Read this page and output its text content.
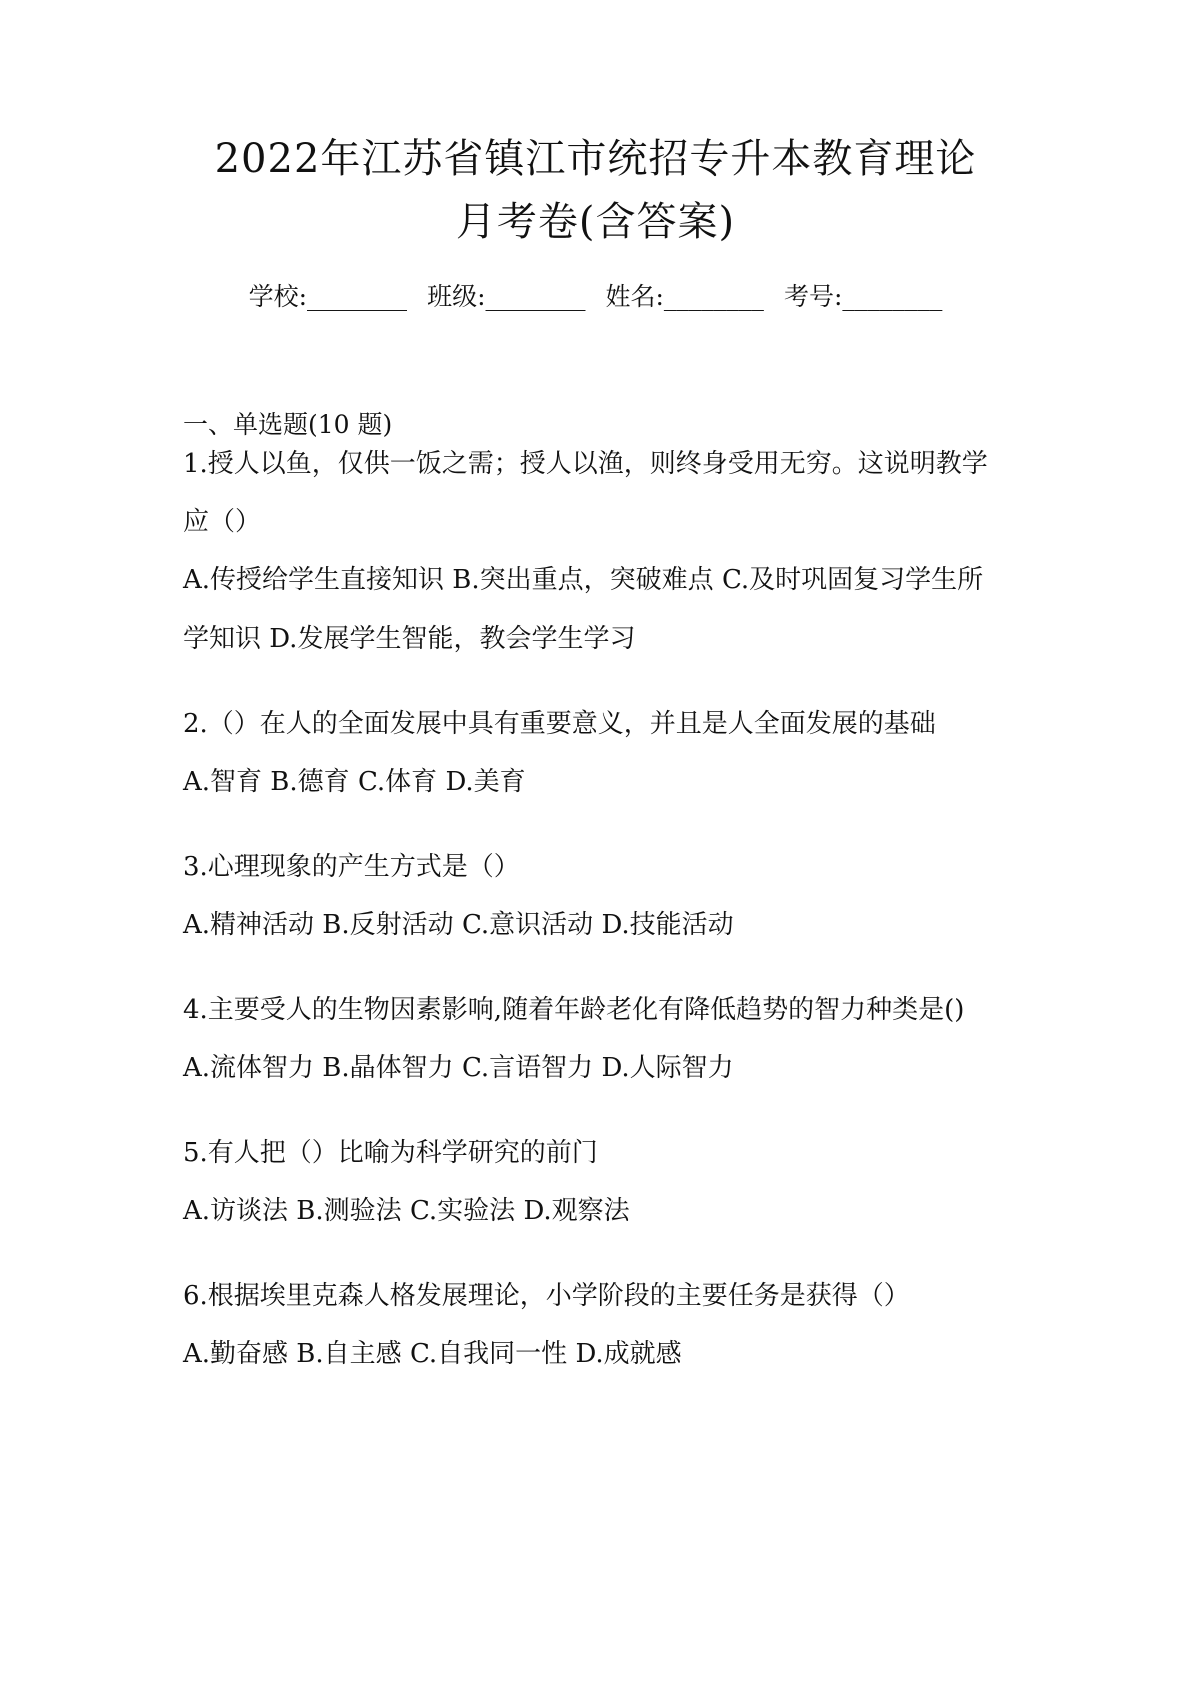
2022年江苏省镇江市统招专升本教育理论
月考卷(含答案)
学校:________ 班级:________ 姓名:________ 考号:________
一、单选题(10 题)
1.授人以鱼，仅供一饭之需；授人以渔，则终身受用无穷。这说明教学
应（）
A.传授给学生直接知识 B.突出重点，突破难点 C.及时巩固复习学生所
学知识 D.发展学生智能，教会学生学习
2.（）在人的全面发展中具有重要意义，并且是人全面发展的基础
A.智育 B.德育 C.体育 D.美育
3.心理现象的产生方式是（）
A.精神活动 B.反射活动 C.意识活动 D.技能活动
4.主要受人的生物因素影响,随着年龄老化有降低趋势的智力种类是()
A.流体智力 B.晶体智力 C.言语智力 D.人际智力
5.有人把（）比喻为科学研究的前门
A.访谈法 B.测验法 C.实验法 D.观察法
6.根据埃里克森人格发展理论，小学阶段的主要任务是获得（）
A.勤奋感 B.自主感 C.自我同一性 D.成就感
